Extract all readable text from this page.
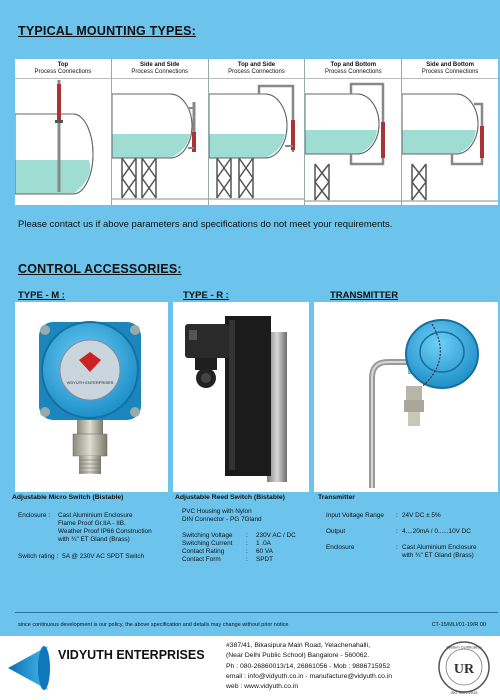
TYPICAL MOUNTING TYPES:
Top
Process Connections
Side and Side
Process Connections
Top and Side
Process Connections
Top and Bottom
Process Connections
Side and Bottom
Process Connections
Please contact us if above parameters and specifications do not meet your requirements.
CONTROL ACCESSORIES:
TYPE - M :	TYPE - R :	TRANSMITTER
VIDYUTH ENTERPRISES
Adjustable Micro Switch (Bistable)
Enclosure :	Cast Aluminium Enclosure
Flame Proof Gr.IIA - IIB.
Weather Proof IP66 Construction
with ¾" ET Gland (Brass)
Switch rating : 5A @ 230V AC SPDT Switch
Adjustable Reed Switch (Bistable)
PVC Housing with Nylon
DIN Connector - PG 7Gland
Switching Voltage	:	230V AC / DC
Switching Current	:	1 .0A
Contact Rating	:	60 VA
Contact Form	:	SPDT
Transmitter
Input Voltage Range	: 24V DC ± 5%
Output	: 4....20mA / 0......10V DC
Enclosure	: Cast Aluminium Enclosure
with ¾" ET Gland (Brass)
since continuous development is our policy, the above specification and details may change without prior notice	CT-15/MLI/01-19/R 00
VIDYUTH ENTERPRISES
#387/41, Bikasipura Main Road, Yelachenahalli,
(Near Delhi Public School) Bangalore - 560062.
Ph : 080-26860013/14, 26861056 - Mob : 9886715952
email : info@vidyuth.co.in - manufacture@vidyuth.co.in
web : www.vidyuth.co.in
System Certification
UR
ISO 9001:2015
